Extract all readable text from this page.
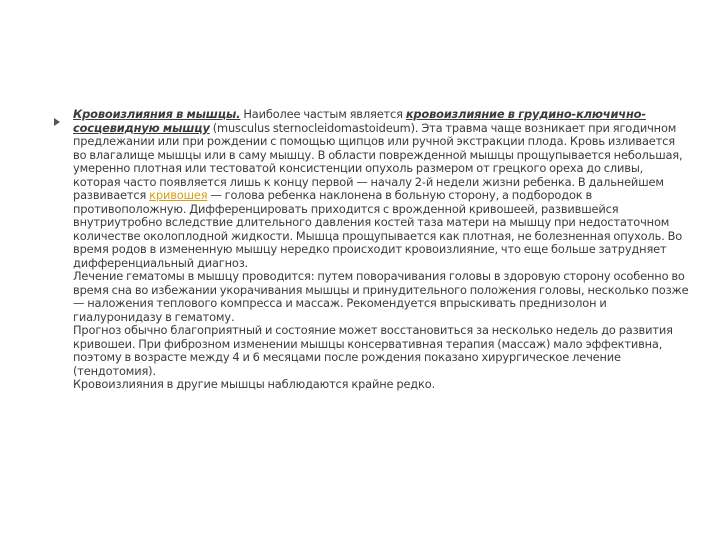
Кровоизлияния в мышцы. Наиболее частым является кровоизлияние в грудино-ключично-сосцевидную мышцу (musculus sternocleidomastoideum). Эта травма чаще возникает при ягодичном предлежании или при рождении с помощью щипцов или ручной экстракции плода. Кровь изливается во влагалище мышцы или в саму мышцу. В области поврежденной мышцы прощупывается небольшая, умеренно плотная или тестоватой консистенции опухоль размером от грецкого ореха до сливы, которая часто появляется лишь к концу первой — началу 2-й недели жизни ребенка. В дальнейшем развивается кривошея — голова ребенка наклонена в больную сторону, а подбородок в противоположную. Дифференцировать приходится с врожденной кривошеей, развившейся внутриутробно вследствие длительного давления костей таза матери на мышцу при недостаточном количестве околоплодной жидкости. Мышца прощупывается как плотная, не болезненная опухоль. Во время родов в измененную мышцу нередко происходит кровоизлияние, что еще больше затрудняет дифференциальный диагноз.

Лечение гематомы в мышцу проводится: путем поворачивания головы в здоровую сторону особенно во время сна во избежании укорачивания мышцы и принудительного положения головы, несколько позже — наложения теплового компресса и массаж. Рекомендуется впрыскивать преднизолон и гиалуронидазу в гематому.

Прогноз обычно благоприятный и состояние может восстановиться за несколько недель до развития кривошеи. При фиброзном изменении мышцы консервативная терапия (массаж) мало эффективна, поэтому в возрасте между 4 и 6 месяцами после рождения показано хирургическое лечение (тендотомия).

Кровоизлияния в другие мышцы наблюдаются крайне редко.
